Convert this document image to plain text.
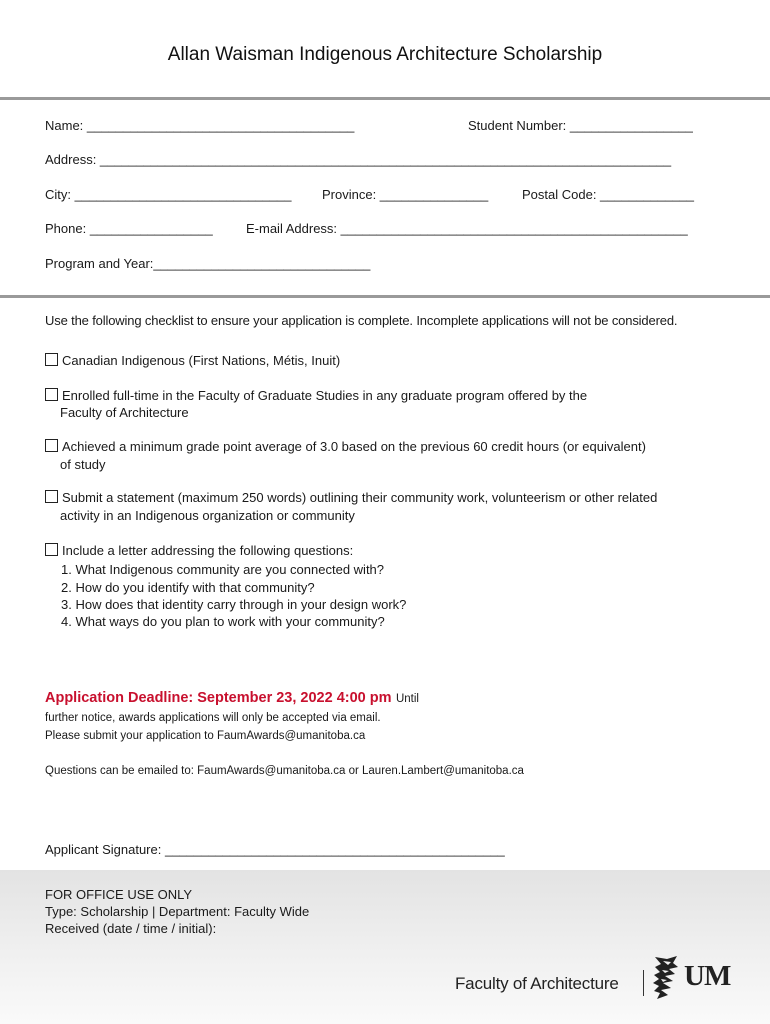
Allan Waisman Indigenous Architecture Scholarship
Name: _____________________________________	Student Number: _________________
Address: _______________________________________________________________________________
City: ______________________________ Province: _______________	Postal Code: _____________
Phone: _________________	E-mail Address: ________________________________________________
Program and Year:______________________________
Use the following checklist to ensure your application is complete. Incomplete applications will not be considered.
Canadian Indigenous (First Nations, Métis, Inuit)
Enrolled full-time in the Faculty of Graduate Studies in any graduate program offered by the
Faculty of Architecture
Achieved a minimum grade point average of 3.0 based on the previous 60 credit hours (or equivalent)
of study
Submit a statement (maximum 250 words) outlining their community work, volunteerism or other related
activity in an Indigenous organization or community
Include a letter addressing the following questions:
1. What Indigenous community are you connected with?
2. How do you identify with that community?
3. How does that identity carry through in your design work?
4. What ways do you plan to work with your community?
Application Deadline: September 23, 2022 4:00 pm Until
further notice, awards applications will only be accepted via email.
Please submit your application to FaumAwards@umanitoba.ca
Questions can be emailed to: FaumAwards@umanitoba.ca or Lauren.Lambert@umanitoba.ca
Applicant Signature: _______________________________________________
FOR OFFICE USE ONLY
Type: Scholarship | Department: Faculty Wide
Received (date / time / initial):
Faculty of Architecture UM
